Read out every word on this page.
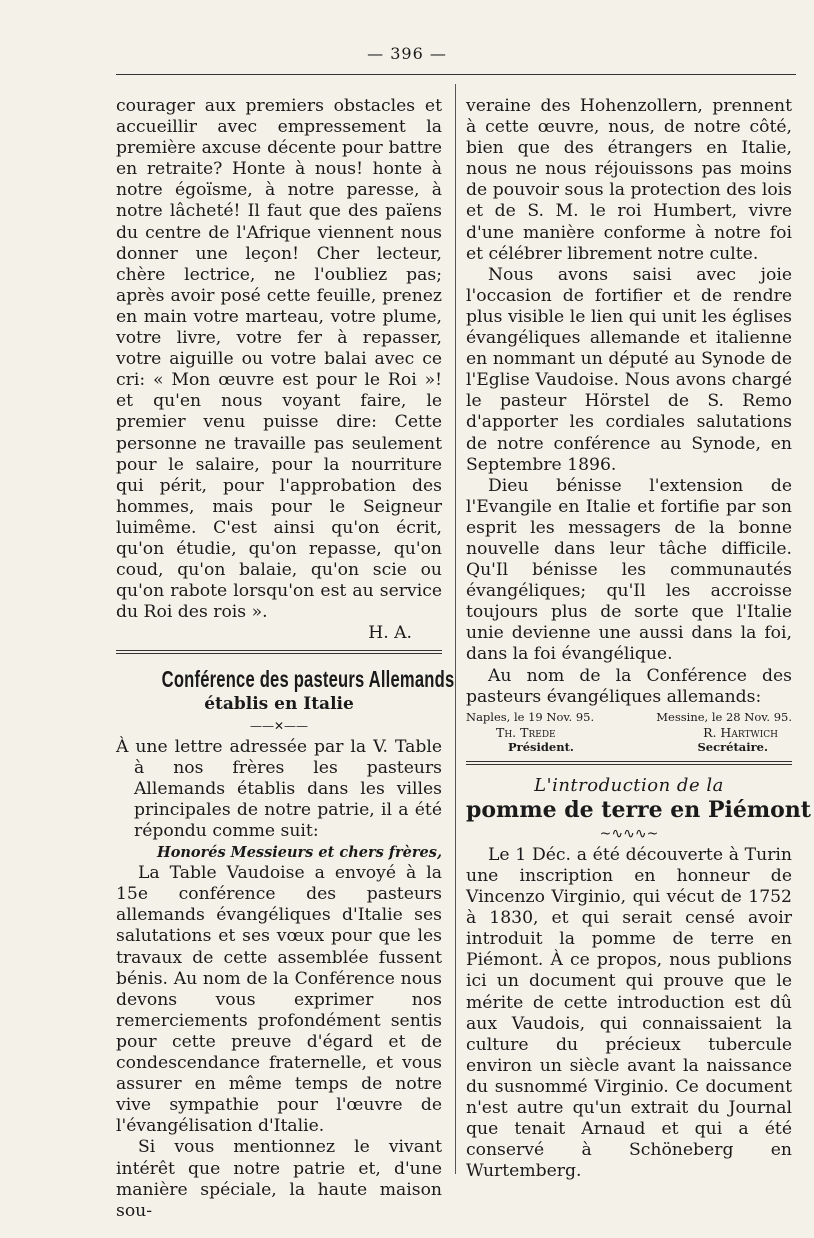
— 396 —

courager aux premiers obstacles et accueillir avec empressement la première axcuse décente pour battre en retraite? Honte à nous! honte à notre égoïsme, à notre paresse, à notre lâcheté! Il faut que des païens du centre de l'Afrique viennent nous donner une leçon! Cher lecteur, chère lectrice, ne l'oubliez pas; après avoir posé cette feuille, prenez en main votre marteau, votre plume, votre livre, votre fer à repasser, votre aiguille ou votre balai avec ce cri: « Mon œuvre est pour le Roi »! et qu'en nous voyant faire, le premier venu puisse dire: Cette personne ne travaille pas seulement pour le salaire, pour la nourriture qui périt, pour l'approbation des hommes, mais pour le Seigneur luimême. C'est ainsi qu'on écrit, qu'on étudie, qu'on repasse, qu'on coud, qu'on balaie, qu'on scie ou qu'on rabote lorsqu'on est au service du Roi des rois ».

H. A.

Conférence des pasteurs Allemands

établis en Italie

——✕——

À une lettre adressée par la V. Table à nos frères les pasteurs Allemands établis dans les villes principales de notre patrie, il a été répondu comme suit:

Honorés Messieurs et chers frères,

La Table Vaudoise a envoyé à la 15e conférence des pasteurs allemands évangéliques d'Italie ses salutations et ses vœux pour que les travaux de cette assemblée fussent bénis. Au nom de la Conférence nous devons vous exprimer nos remerciements profondément sentis pour cette preuve d'égard et de condescendance fraternelle, et vous assurer en même temps de notre vive sympathie pour l'œuvre de l'évangélisation d'Italie.

Si vous mentionnez le vivant intérêt que notre patrie et, d'une manière spéciale, la haute maison sou-

veraine des Hohenzollern, prennent à cette œuvre, nous, de notre côté, bien que des étrangers en Italie, nous ne nous réjouissons pas moins de pouvoir sous la protection des lois et de S. M. le roi Humbert, vivre d'une manière conforme à notre foi et célébrer librement notre culte.

Nous avons saisi avec joie l'occasion de fortifier et de rendre plus visible le lien qui unit les églises évangéliques allemande et italienne en nommant un député au Synode de l'Eglise Vaudoise. Nous avons chargé le pasteur Hörstel de S. Remo d'apporter les cordiales salutations de notre conférence au Synode, en Septembre 1896.

Dieu bénisse l'extension de l'Evangile en Italie et fortifie par son esprit les messagers de la bonne nouvelle dans leur tâche difficile. Qu'Il bénisse les communautés évangéliques; qu'Il les accroisse toujours plus de sorte que l'Italie unie devienne une aussi dans la foi, dans la foi évangélique.

Au nom de la Conférence des pasteurs évangéliques allemands:

Naples, le 19 Nov. 95.	Messine, le 28 Nov. 95.
Th. Trede	R. Hartwich
Président.	Secrétaire.

L'introduction de la

pomme de terre en Piémont

~∿∿∿~

Le 1 Déc. a été découverte à Turin une inscription en honneur de Vincenzo Virginio, qui vécut de 1752 à 1830, et qui serait censé avoir introduit la pomme de terre en Piémont. À ce propos, nous publions ici un document qui prouve que le mérite de cette introduction est dû aux Vaudois, qui connaissaient la culture du précieux tubercule environ un siècle avant la naissance du susnommé Virginio. Ce document n'est autre qu'un extrait du Journal que tenait Arnaud et qui a été conservé à Schöneberg en Wurtemberg.
